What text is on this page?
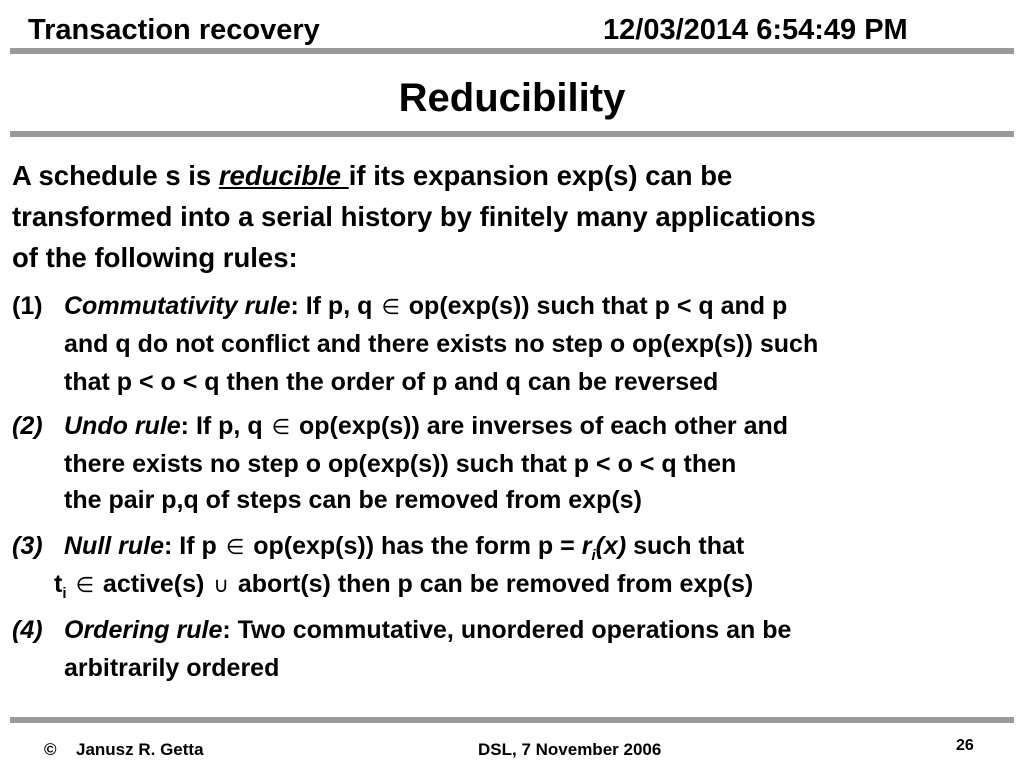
Transaction recovery	12/03/2014 6:54:49 PM
Reducibility
A schedule s is reducible if its expansion exp(s) can be
transformed into a serial history by finitely many applications
of the following rules:
(1) Commutativity rule: If p, q ∈ op(exp(s)) such that p < q and p
and q do not conflict and there exists no step o op(exp(s)) such
that p < o < q then the order of p and q can be reversed
(2) Undo rule: If p, q ∈ op(exp(s)) are inverses of each other and
there exists no step o op(exp(s)) such that p < o < q then
the pair p,q of steps can be removed from exp(s)
(3) Null rule: If p ∈ op(exp(s)) has the form $p = r_i(x)$ such that
$t_i$ ∈ active(s) ∪ abort(s) then p can be removed from exp(s)
(4) Ordering rule: Two commutative, unordered operations an be
arbitrarily ordered
© Janusz R. Getta	DSL, 7 November 2006	26
